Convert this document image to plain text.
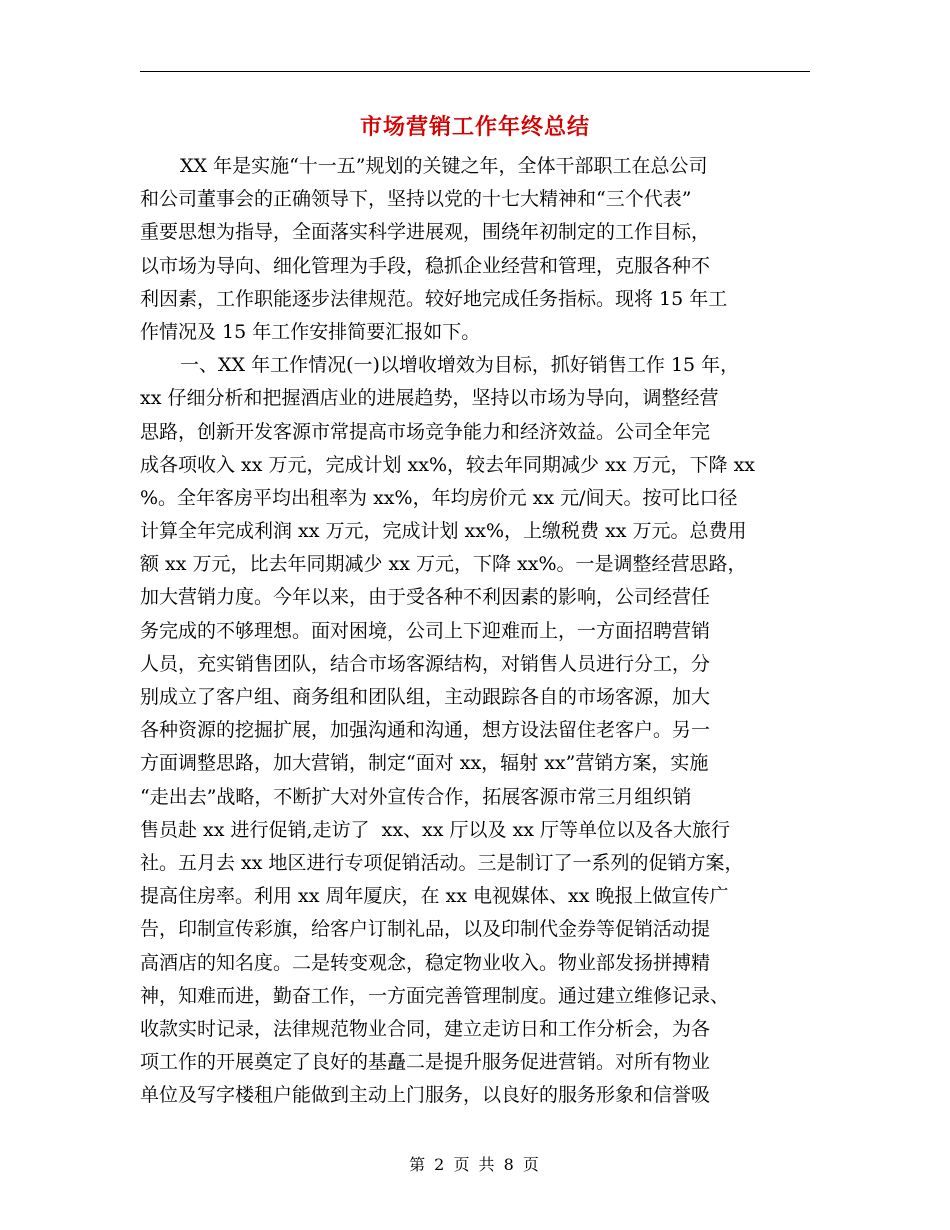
市场营销工作年终总结
XX 年是实施“十一五”规划的关键之年，全体干部职工在总公司
和公司董事会的正确领导下，坚持以党的十七大精神和“三个代表”
重要思想为指导，全面落实科学进展观，围绕年初制定的工作目标，
以市场为导向、细化管理为手段，稳抓企业经营和管理，克服各种不
利因素，工作职能逐步法律规范。较好地完成任务指标。现将 15 年工
作情况及 15 年工作安排简要汇报如下。
一、XX 年工作情况(一)以增收增效为目标，抓好销售工作 15 年，
xx 仔细分析和把握酒店业的进展趋势，坚持以市场为导向，调整经营
思路，创新开发客源市常提高市场竞争能力和经济效益。公司全年完
成各项收入 xx 万元，完成计划 xx%，较去年同期减少 xx 万元，下降 xx
%。全年客房平均出租率为 xx%，年均房价元 xx 元/间天。按可比口径
计算全年完成利润 xx 万元，完成计划 xx%，上缴税费 xx 万元。总费用
额 xx 万元，比去年同期减少 xx 万元，下降 xx%。一是调整经营思路，
加大营销力度。今年以来，由于受各种不利因素的影响，公司经营任
务完成的不够理想。面对困境，公司上下迎难而上，一方面招聘营销
人员，充实销售团队，结合市场客源结构，对销售人员进行分工，分
别成立了客户组、商务组和团队组，主动跟踪各自的市场客源，加大
各种资源的挖掘扩展，加强沟通和沟通，想方设法留住老客户。另一
方面调整思路，加大营销，制定“面对 xx，辐射 xx”营销方案，实施
“走出去”战略，不断扩大对外宣传合作，拓展客源市常三月组织销
售员赴 xx 进行促销,走访了  xx、xx 厅以及 xx 厅等单位以及各大旅行
社。五月去 xx 地区进行专项促销活动。三是制订了一系列的促销方案，
提高住房率。利用 xx 周年厦庆，在 xx 电视媒体、xx 晚报上做宣传广
告，印制宣传彩旗，给客户订制礼品，以及印制代金券等促销活动提
高酒店的知名度。二是转变观念，稳定物业收入。物业部发扬拼搏精
神，知难而进，勤奋工作，一方面完善管理制度。通过建立维修记录、
收款实时记录，法律规范物业合同，建立走访日和工作分析会，为各
项工作的开展奠定了良好的基矗二是提升服务促进营销。对所有物业
单位及写字楼租户能做到主动上门服务，以良好的服务形象和信誉吸
第 2 页 共 8 页
